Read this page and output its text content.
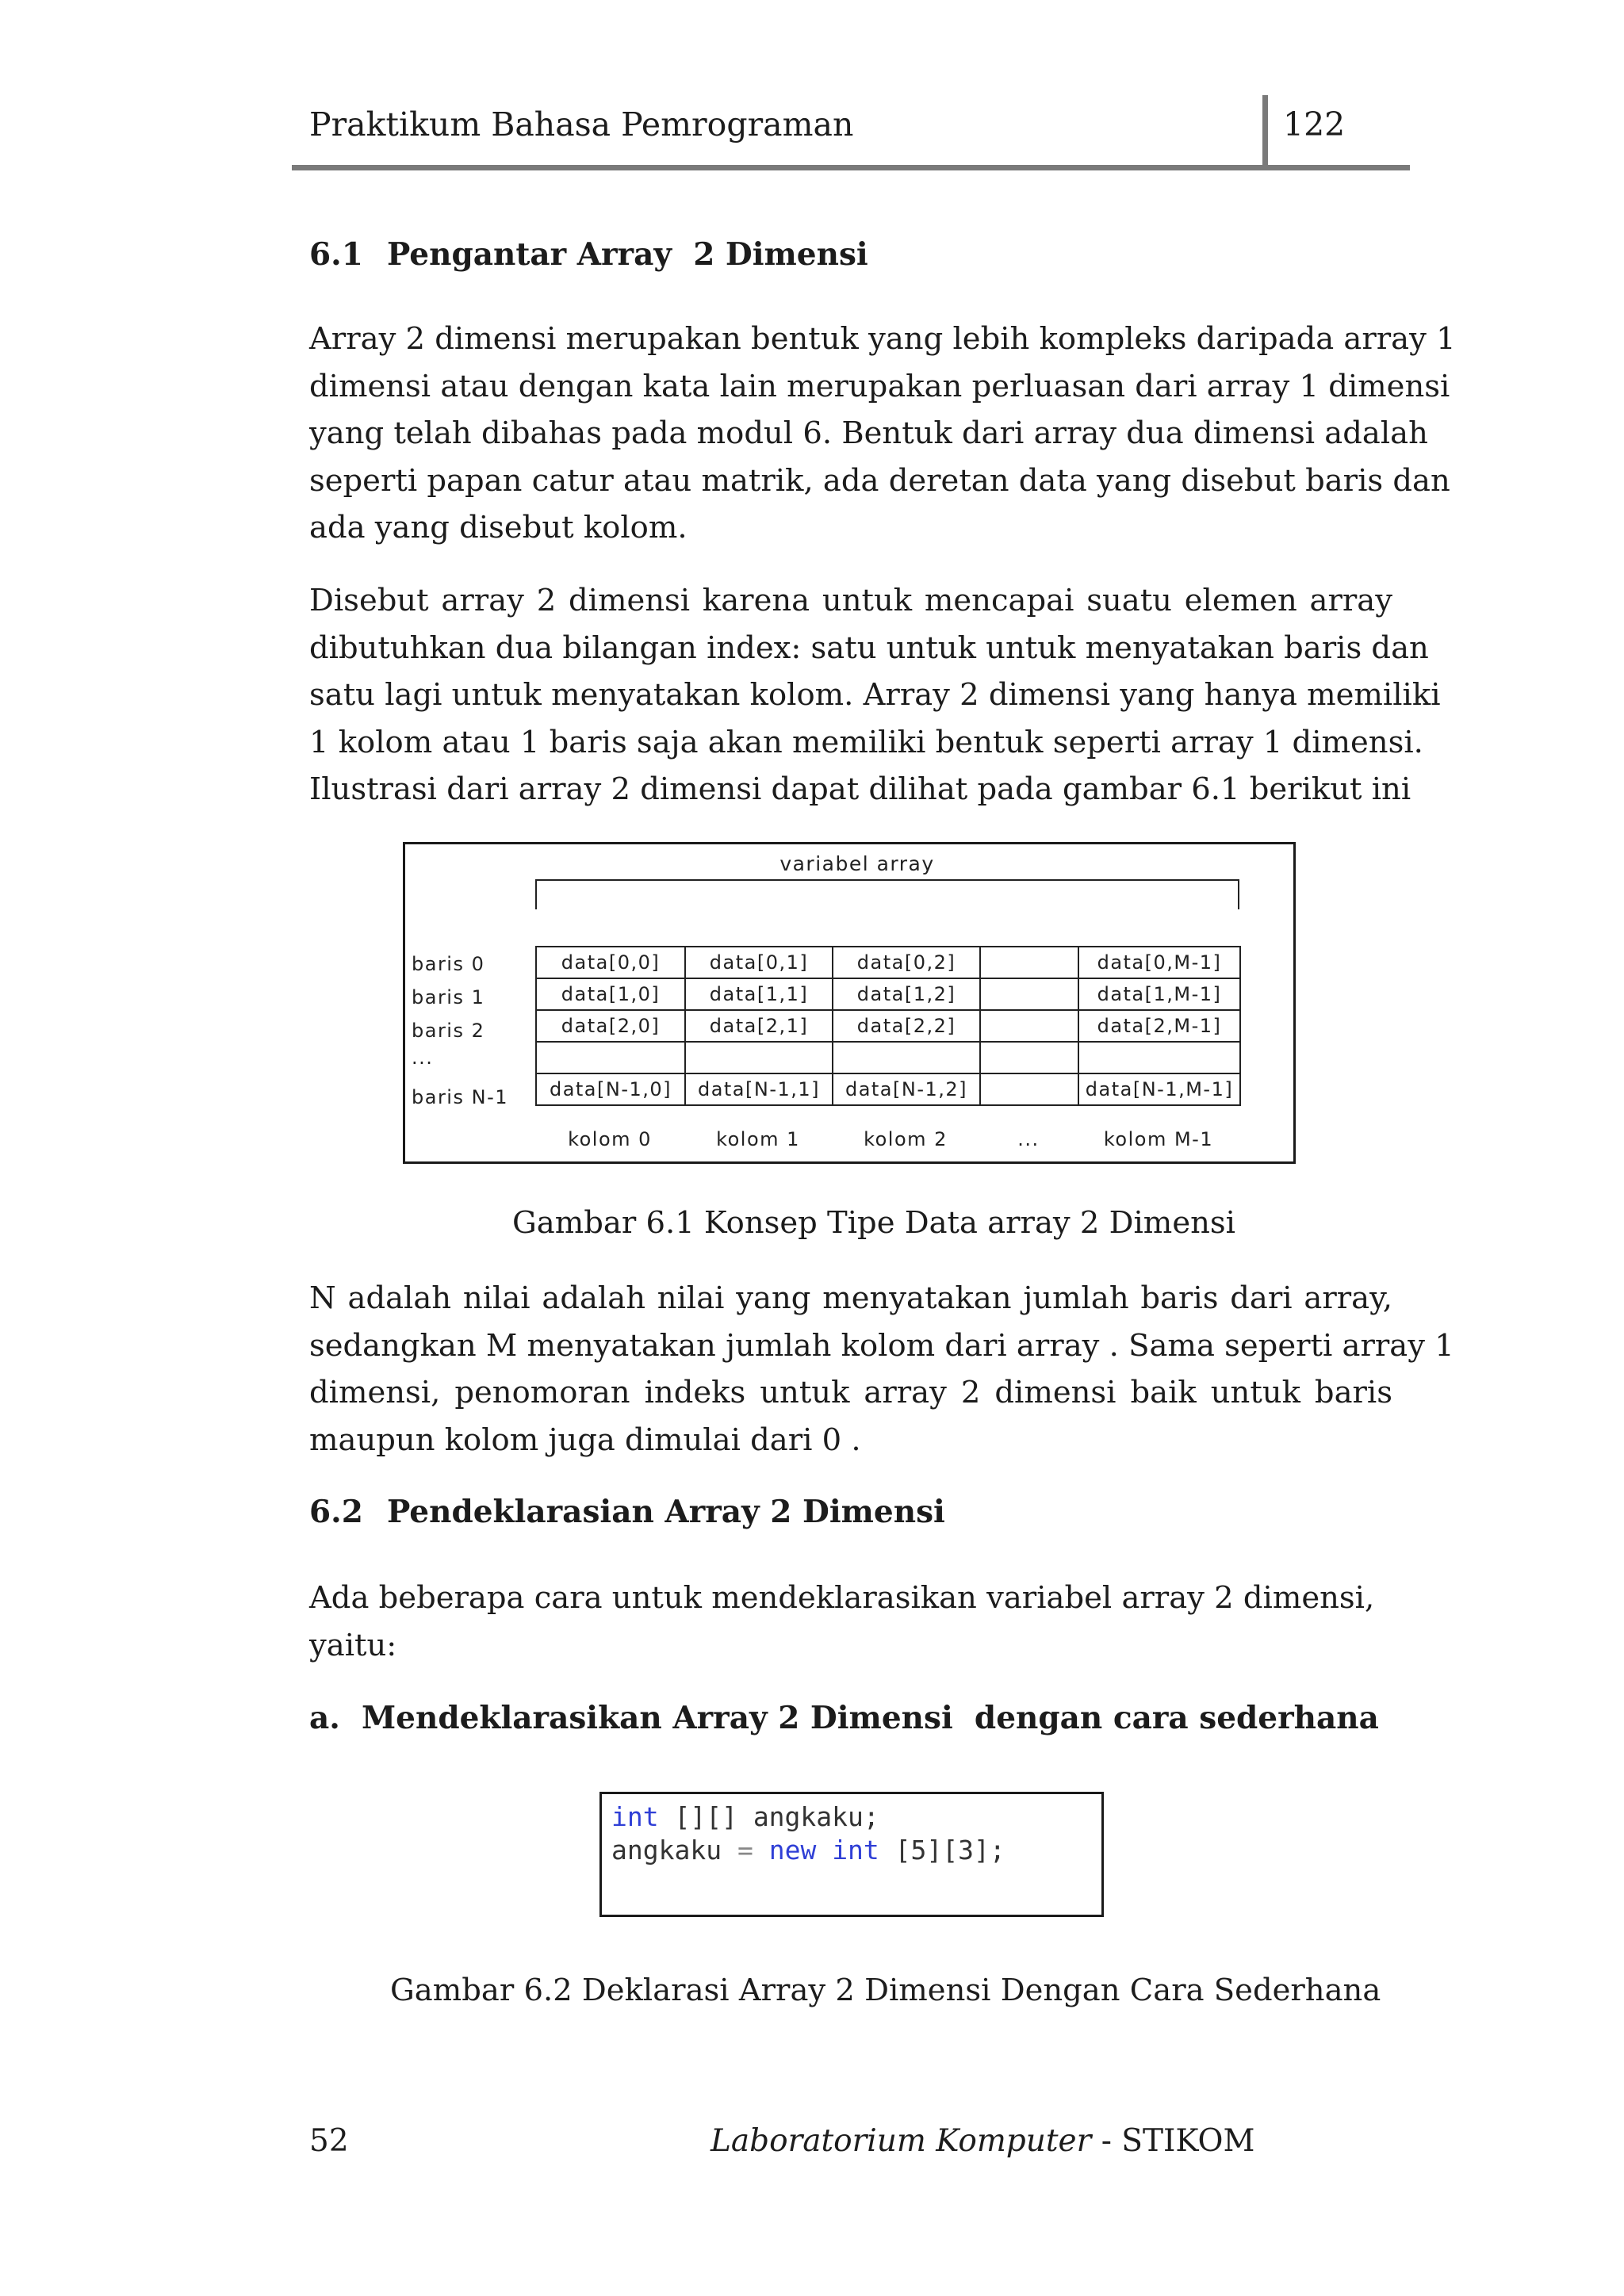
Praktikum Bahasa Pemrograman	122
6.1 Pengantar Array  2 Dimensi
Array 2 dimensi merupakan bentuk yang lebih kompleks daripada array 1
dimensi atau dengan kata lain merupakan perluasan dari array 1 dimensi
yang telah dibahas pada modul 6. Bentuk dari array dua dimensi adalah
seperti papan catur atau matrik, ada deretan data yang disebut baris dan
ada yang disebut kolom.
Disebut array 2 dimensi karena untuk mencapai suatu elemen array
dibutuhkan dua bilangan index: satu untuk untuk menyatakan baris dan
satu lagi untuk menyatakan kolom. Array 2 dimensi yang hanya memiliki
1 kolom atau 1 baris saja akan memiliki bentuk seperti array 1 dimensi.
Ilustrasi dari array 2 dimensi dapat dilihat pada gambar 6.1 berikut ini
variabel array
baris 0
baris 1
baris 2
...
baris N-1
data[0,0]	data[0,1]	data[0,2]		data[0,M-1]
data[1,0]	data[1,1]	data[1,2]		data[1,M-1]
data[2,0]	data[2,1]	data[2,2]		data[2,M-1]

data[N-1,0]	data[N-1,1]	data[N-1,2]		data[N-1,M-1]
kolom 0	kolom 1	kolom 2	...	kolom M-1
Gambar 6.1 Konsep Tipe Data array 2 Dimensi
N adalah nilai adalah nilai yang menyatakan jumlah baris dari array,
sedangkan M menyatakan jumlah kolom dari array . Sama seperti array 1
dimensi, penomoran indeks untuk array 2 dimensi baik untuk baris
maupun kolom juga dimulai dari 0 .
6.2 Pendeklarasian Array 2 Dimensi
Ada beberapa cara untuk mendeklarasikan variabel array 2 dimensi,
yaitu:
a.  Mendeklarasikan Array 2 Dimensi  dengan cara sederhana
int [][] angkaku;
angkaku = new int [5][3];
Gambar 6.2 Deklarasi Array 2 Dimensi Dengan Cara Sederhana
52	Laboratorium Komputer - STIKOM
